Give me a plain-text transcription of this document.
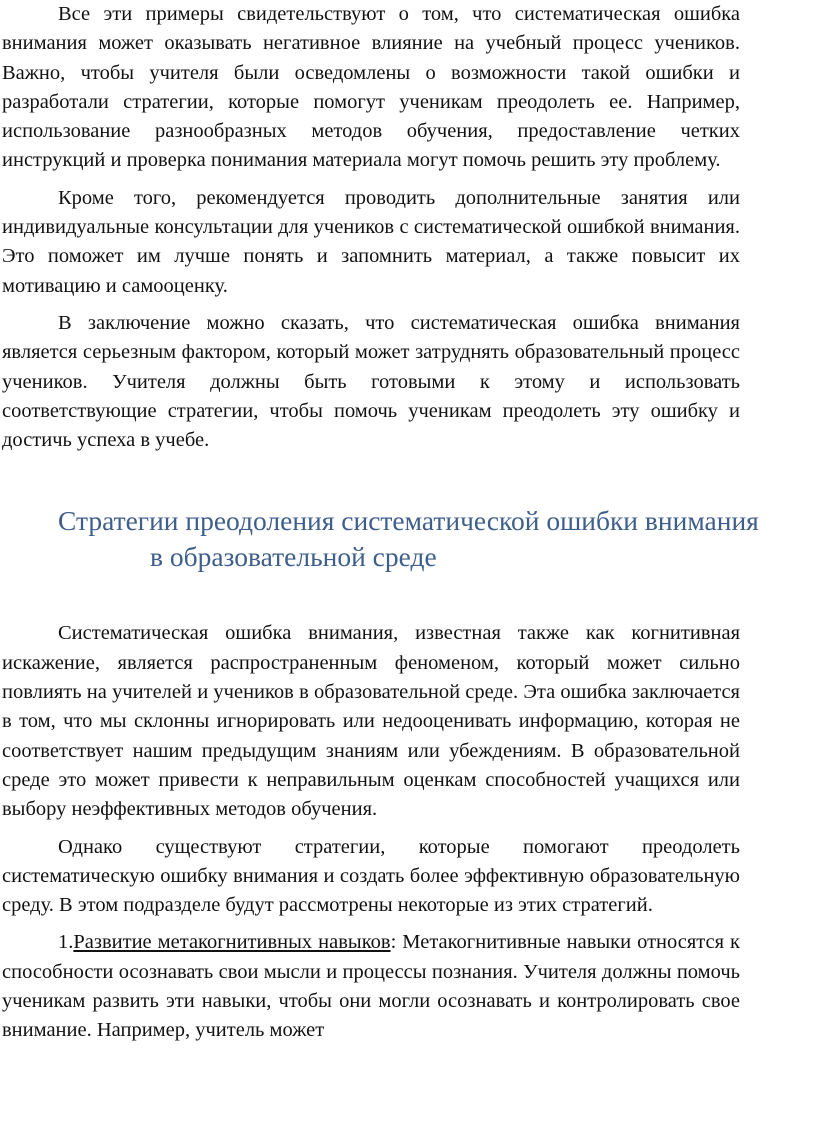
Все эти примеры свидетельствуют о том, что систематическая ошибка внимания может оказывать негативное влияние на учебный процесс учеников. Важно, чтобы учителя были осведомлены о возможности такой ошибки и разработали стратегии, которые помогут ученикам преодолеть ее. Например, использование разнообразных методов обучения, предоставление четких инструкций и проверка понимания материала могут помочь решить эту проблему.

Кроме того, рекомендуется проводить дополнительные занятия или индивидуальные консультации для учеников с систематической ошибкой внимания. Это поможет им лучше понять и запомнить материал, а также повысит их мотивацию и самооценку.

В заключение можно сказать, что систематическая ошибка внимания является серьезным фактором, который может затруднять образовательный процесс учеников. Учителя должны быть готовыми к этому и использовать соответствующие стратегии, чтобы помочь ученикам преодолеть эту ошибку и достичь успеха в учебе.

Стратегии преодоления систематической ошибки внимания
в образовательной среде

Систематическая ошибка внимания, известная также как когнитивная искажение, является распространенным феноменом, который может сильно повлиять на учителей и учеников в образовательной среде. Эта ошибка заключается в том, что мы склонны игнорировать или недооценивать информацию, которая не соответствует нашим предыдущим знаниям или убеждениям. В образовательной среде это может привести к неправильным оценкам способностей учащихся или выбору неэффективных методов обучения.

Однако существуют стратегии, которые помогают преодолеть систематическую ошибку внимания и создать более эффективную образовательную среду. В этом подразделе будут рассмотрены некоторые из этих стратегий.

1.Развитие метакогнитивных навыков: Метакогнитивные навыки относятся к способности осознавать свои мысли и процессы познания. Учителя должны помочь ученикам развить эти навыки, чтобы они могли осознавать и контролировать свое внимание. Например, учитель может
